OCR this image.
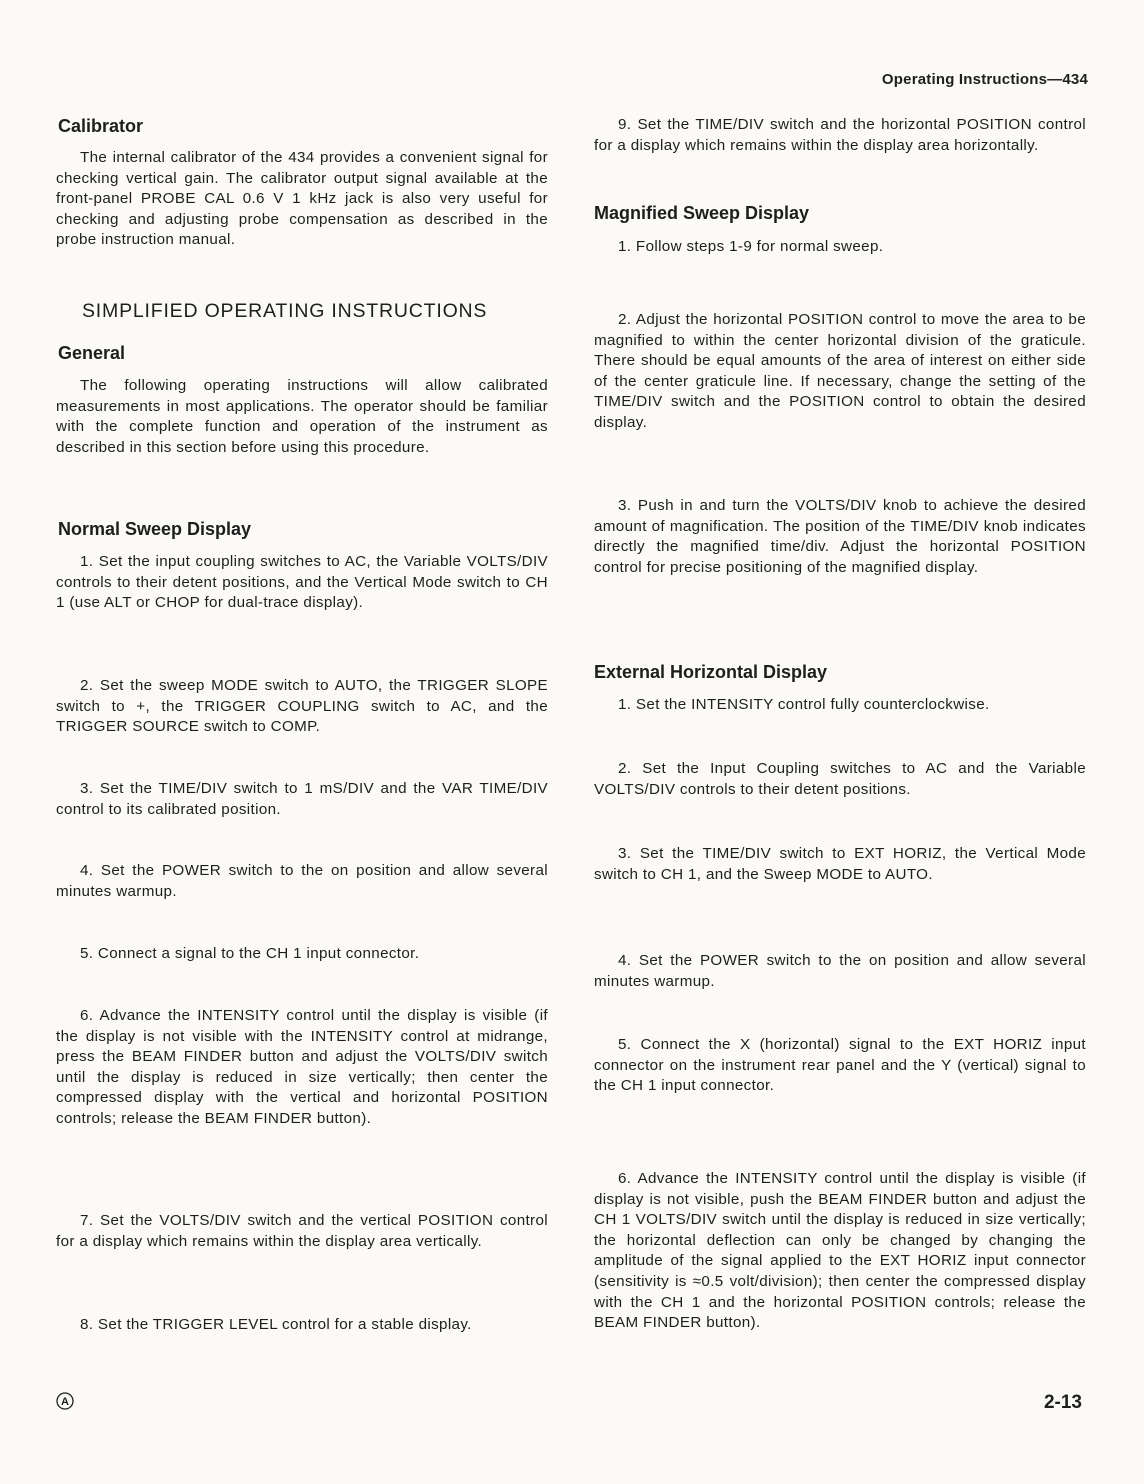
Operating Instructions—434
Calibrator

The internal calibrator of the 434 provides a convenient signal for checking vertical gain. The calibrator output signal available at the front-panel PROBE CAL 0.6 V 1 kHz jack is also very useful for checking and adjusting probe compensation as described in the probe instruction manual.

SIMPLIFIED OPERATING INSTRUCTIONS
General

The following operating instructions will allow calibrated measurements in most applications. The operator should be familiar with the complete function and operation of the instrument as described in this section before using this procedure.

Normal Sweep Display

1. Set the input coupling switches to AC, the Variable VOLTS/DIV controls to their detent positions, and the Vertical Mode switch to CH 1 (use ALT or CHOP for dual-trace display).

2. Set the sweep MODE switch to AUTO, the TRIGGER SLOPE switch to +, the TRIGGER COUPLING switch to AC, and the TRIGGER SOURCE switch to COMP.

3. Set the TIME/DIV switch to 1 mS/DIV and the VAR TIME/DIV control to its calibrated position.

4. Set the POWER switch to the on position and allow several minutes warmup.

5. Connect a signal to the CH 1 input connector.

6. Advance the INTENSITY control until the display is visible (if the display is not visible with the INTENSITY control at midrange, press the BEAM FINDER button and adjust the VOLTS/DIV switch until the display is reduced in size vertically; then center the compressed display with the vertical and horizontal POSITION controls; release the BEAM FINDER button).

7. Set the VOLTS/DIV switch and the vertical POSITION control for a display which remains within the display area vertically.

8. Set the TRIGGER LEVEL control for a stable display.

9. Set the TIME/DIV switch and the horizontal POSITION control for a display which remains within the display area horizontally.

Magnified Sweep Display

1. Follow steps 1-9 for normal sweep.

2. Adjust the horizontal POSITION control to move the area to be magnified to within the center horizontal division of the graticule. There should be equal amounts of the area of interest on either side of the center graticule line. If necessary, change the setting of the TIME/DIV switch and the POSITION control to obtain the desired display.

3. Push in and turn the VOLTS/DIV knob to achieve the desired amount of magnification. The position of the TIME/DIV knob indicates directly the magnified time/div. Adjust the horizontal POSITION control for precise positioning of the magnified display.

External Horizontal Display

1. Set the INTENSITY control fully counterclockwise.

2. Set the Input Coupling switches to AC and the Variable VOLTS/DIV controls to their detent positions.

3. Set the TIME/DIV switch to EXT HORIZ, the Vertical Mode switch to CH 1, and the Sweep MODE to AUTO.

4. Set the POWER switch to the on position and allow several minutes warmup.

5. Connect the X (horizontal) signal to the EXT HORIZ input connector on the instrument rear panel and the Y (vertical) signal to the CH 1 input connector.

6. Advance the INTENSITY control until the display is visible (if display is not visible, push the BEAM FINDER button and adjust the CH 1 VOLTS/DIV switch until the display is reduced in size vertically; the horizontal deflection can only be changed by changing the amplitude of the signal applied to the EXT HORIZ input connector (sensitivity is ≈0.5 volt/division); then center the compressed display with the CH 1 and the horizontal POSITION controls; release the BEAM FINDER button).

A	2-13
